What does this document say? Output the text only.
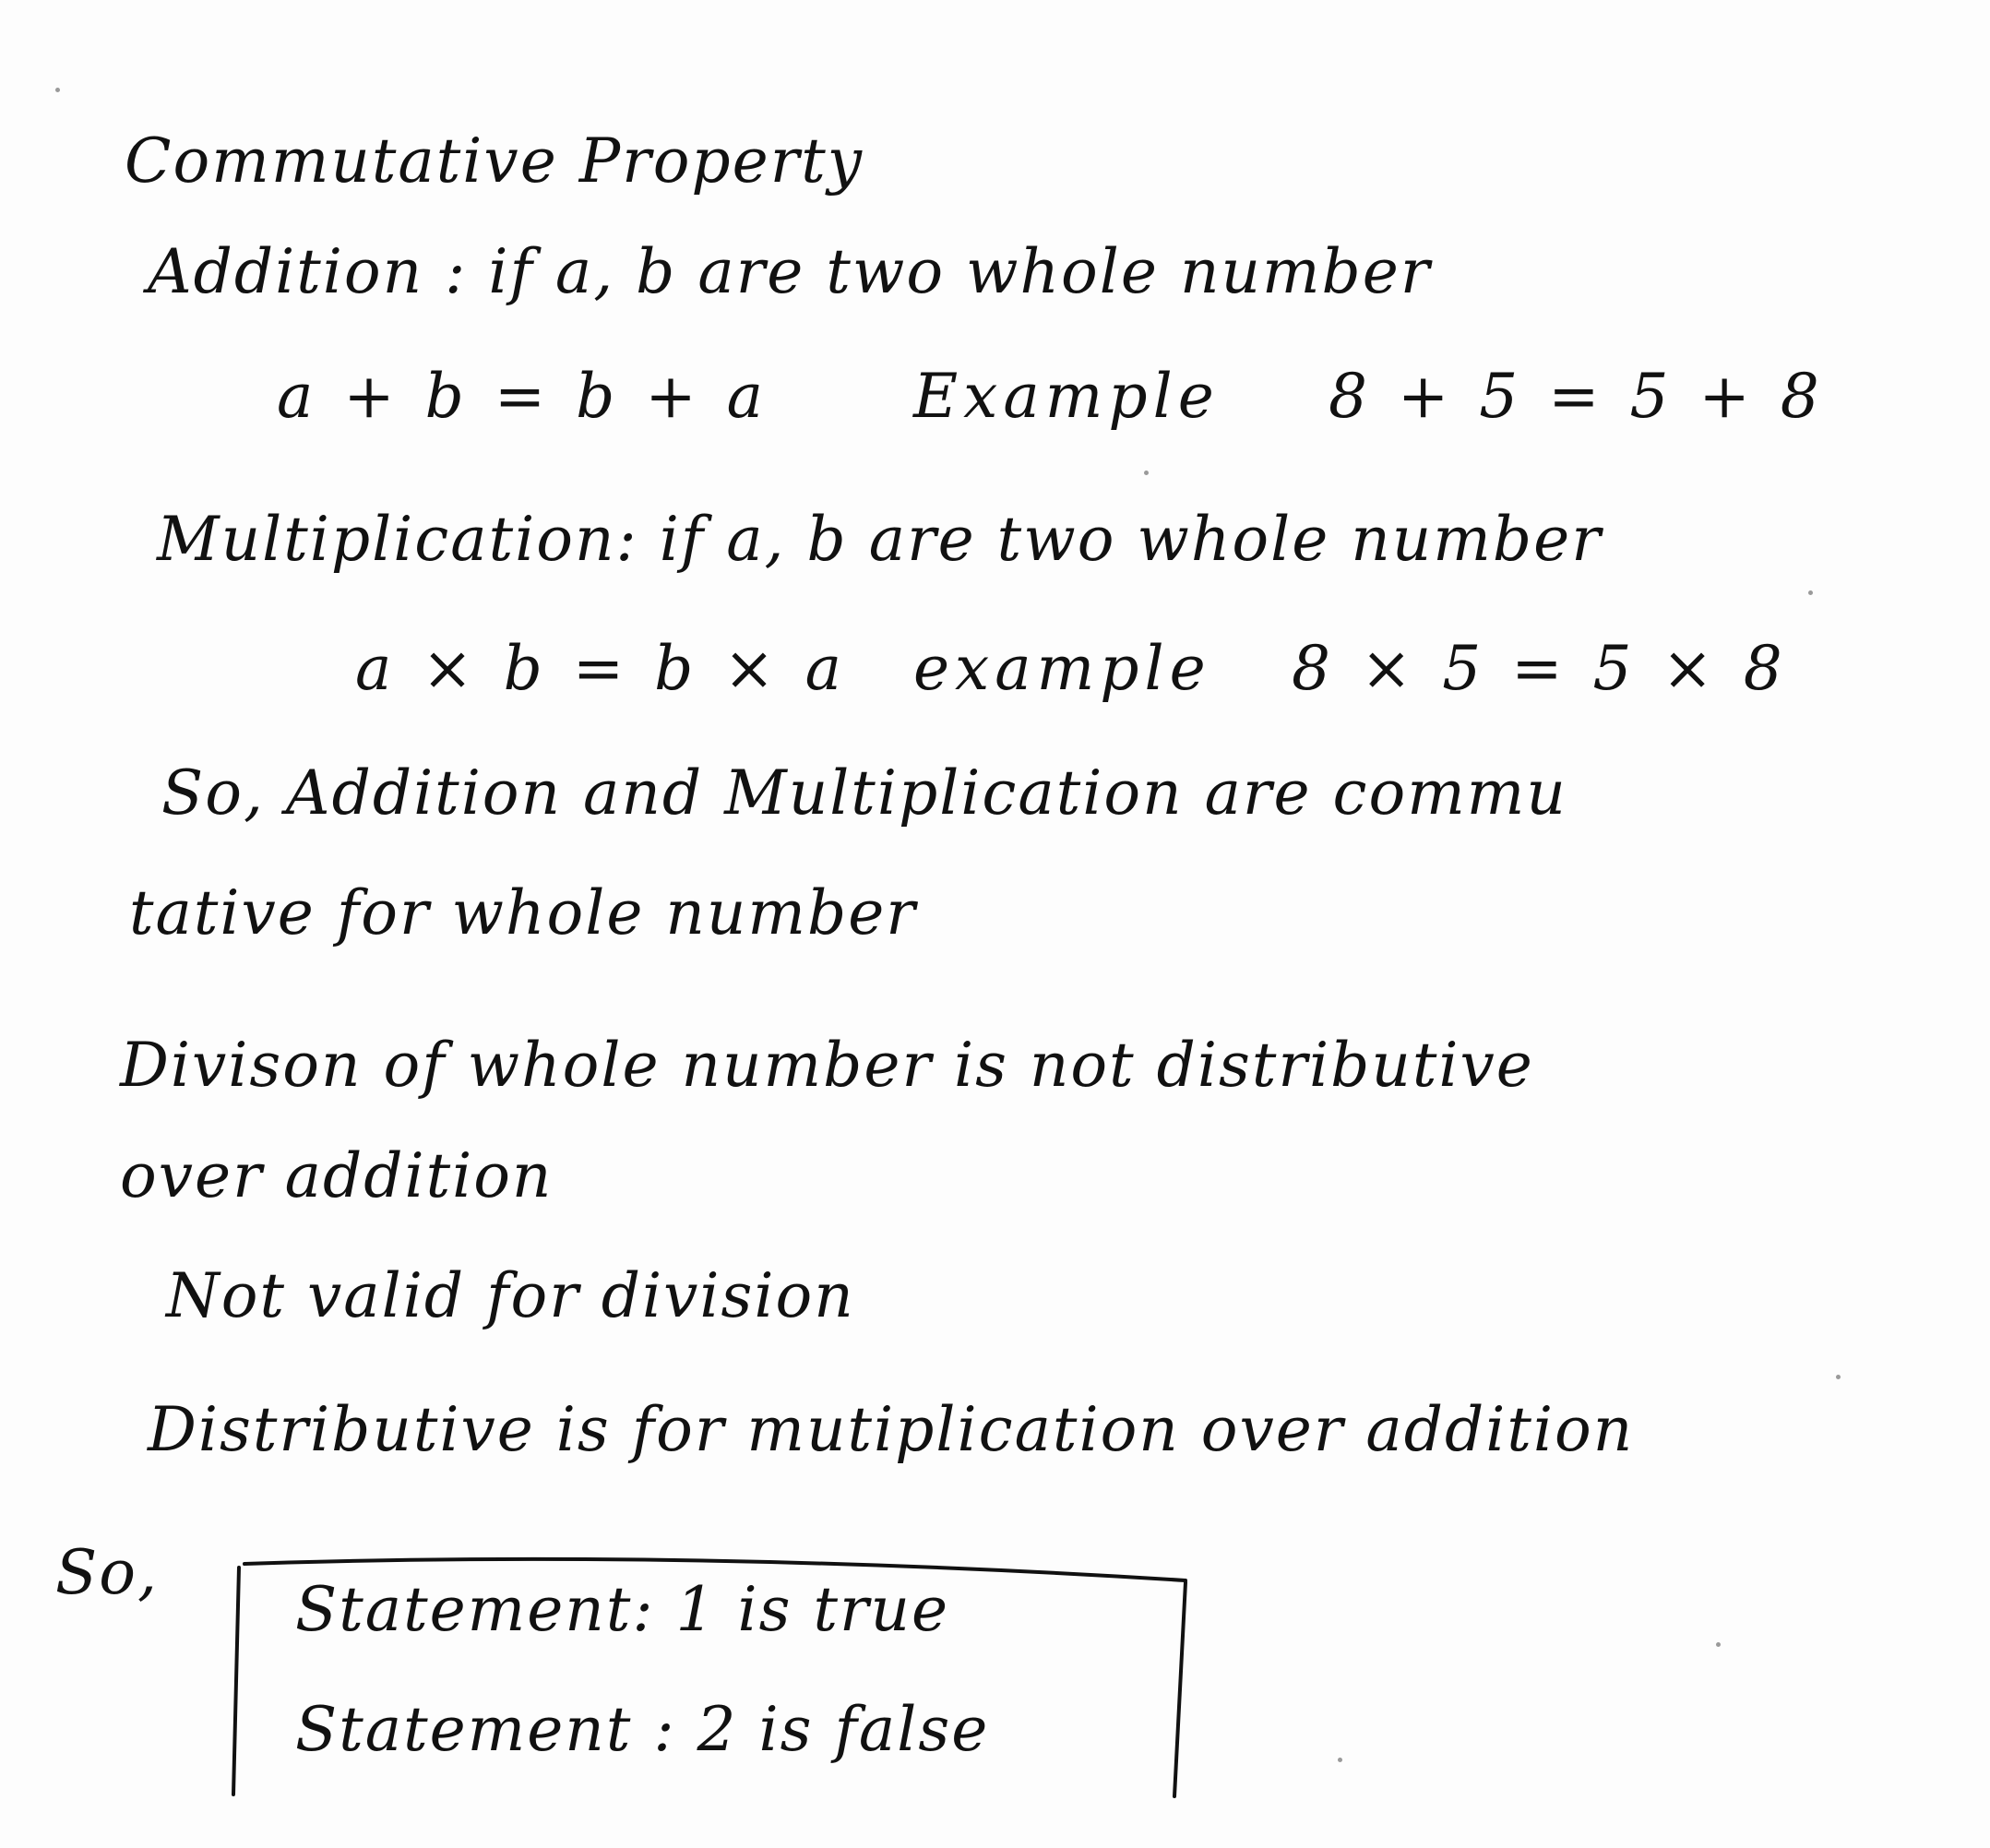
Commutative Property
Addition : if a, b are two whole number
a + b = b + a Example 8 + 5 = 5 + 8
Multiplication: if a, b are two whole number
a × b = b × a example 8 × 5 = 5 × 8
So, Addition and Multiplication are commu
tative for whole number
Divison of whole number is not distributive
over addition
Not valid for division
Distributive is for mutiplication over addition
So,
Statement: 1 is true
Statement : 2 is false
